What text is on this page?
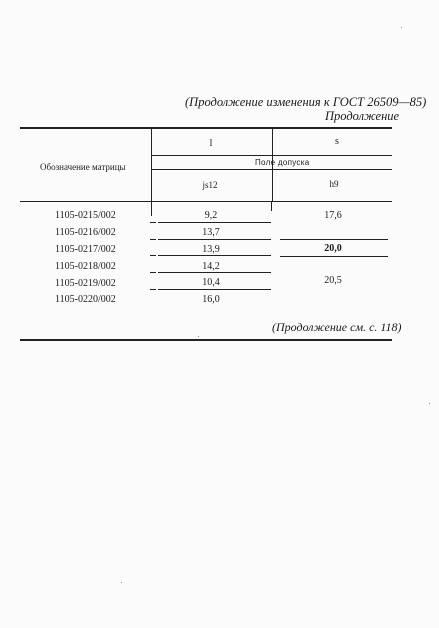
(Продолжение изменения к ГОСТ 26509—85)
Продолжение
Обозначение матрицы
l	s
Поле допуска
js12	h9
1105-0215/002
1105-0216/002
1105-0217/002
1105-0218/002
1105-0219/002
1105-0220/002
9,2
13,7
13,9
14,2
10,4
16,0
17,6
20,0
20,5
(Продолжение см. с. 118)
